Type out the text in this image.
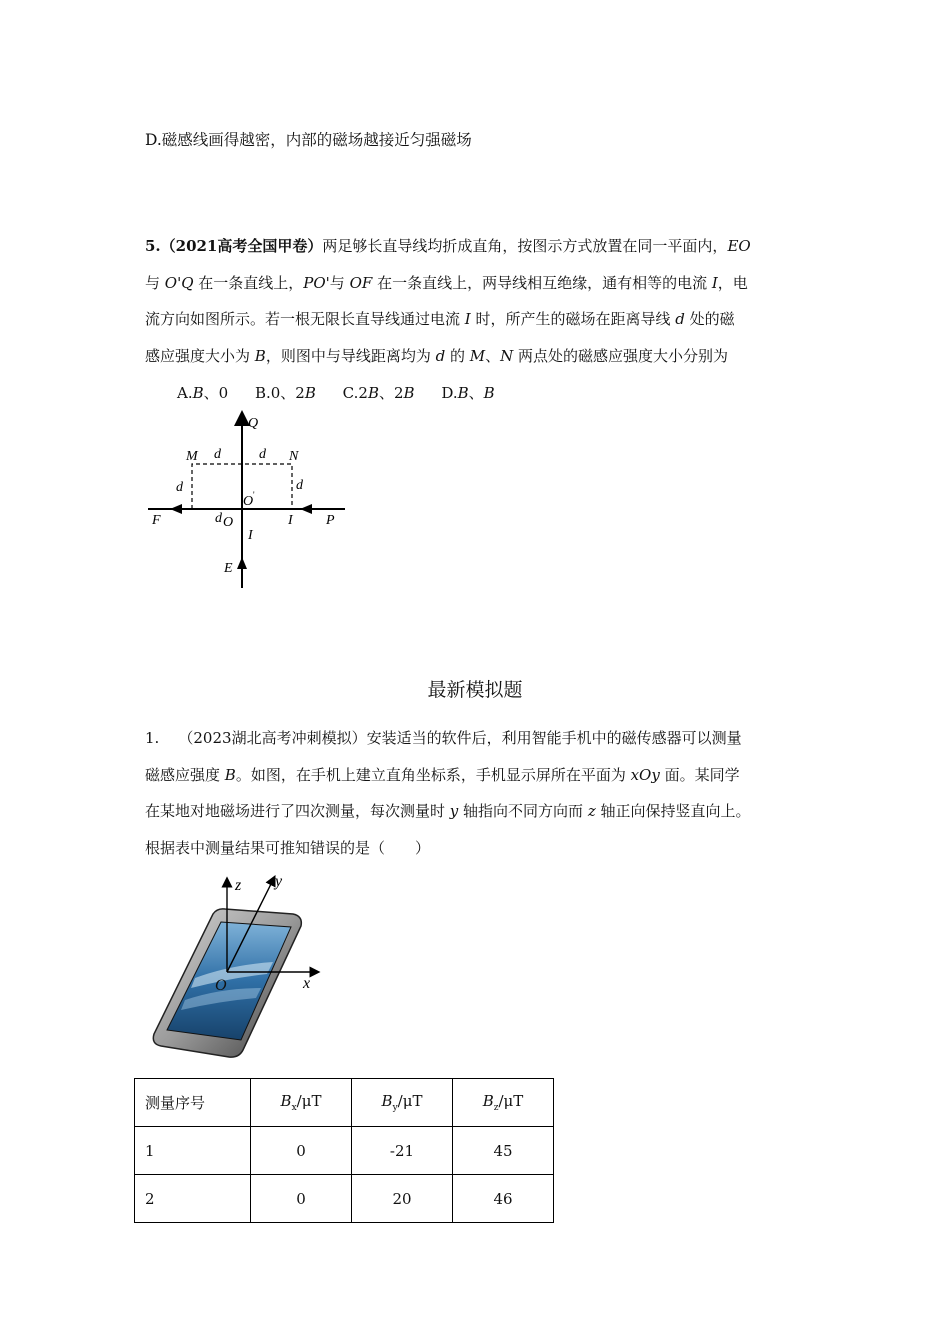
D.磁感线画得越密，内部的磁场越接近匀强磁场
5.（2021高考全国甲卷）两足够长直导线均折成直角，按图示方式放置在同一平面内，EO
与 O'Q 在一条直线上，PO'与 OF 在一条直线上，两导线相互绝缘，通有相等的电流 I，电
流方向如图所示。若一根无限长直导线通过电流 I 时，所产生的磁场在距离导线 d 处的磁
感应强度大小为 B，则图中与导线距离均为 d 的 M、N 两点处的磁感应强度大小分别为
A.B、0 B.0、2B C.2B、2B D.B、B
Q
M d	d N
d	d
O '
F	d O	I P
I
E
最新模拟题
1. （2023湖北高考冲刺模拟）安装适当的软件后，利用智能手机中的磁传感器可以测量
磁感应强度 B。如图，在手机上建立直角坐标系，手机显示屏所在平面为 xOy 面。某同学
在某地对地磁场进行了四次测量，每次测量时 y 轴指向不同方向而 z 轴正向保持竖直向上。
根据表中测量结果可推知错误的是（　　）
z y
x
O
测量序号	$B_x/\mu T$	$B_y/\mu T$	$B_z/\mu T$
1	0	-21	45
2	0	20	46
